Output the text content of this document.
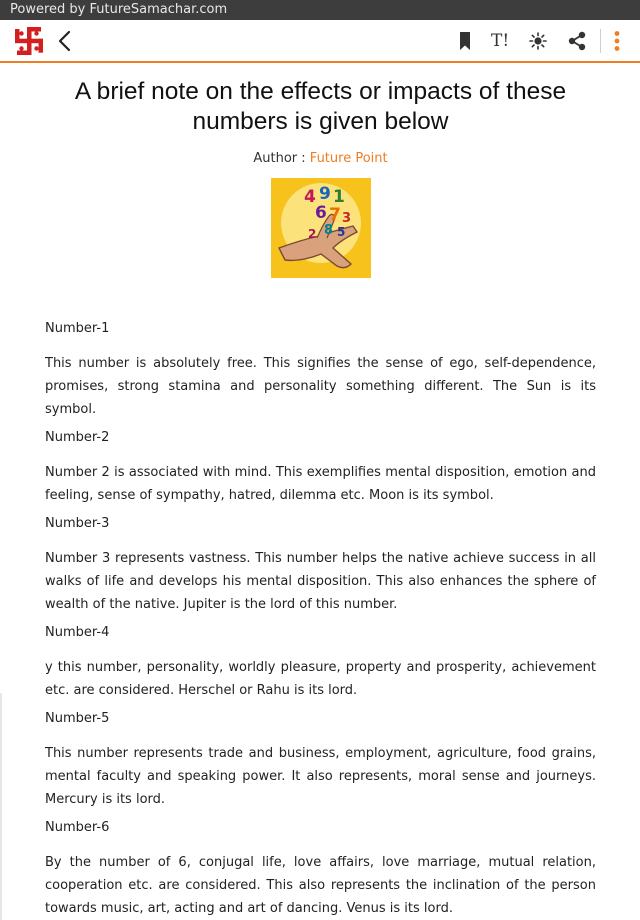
Powered by FutureSamachar.com
T!
A brief note on the effects or impacts of these numbers is given below
Author : Future Point
4 9 1
6 7 3
8
2 5
Number-1

This number is absolutely free. This signifies the sense of ego, self-dependence, promises, strong stamina and personality something different. The Sun is its symbol.

Number-2

Number 2 is associated with mind. This exemplifies mental disposition, emotion and feeling, sense of sympathy, hatred, dilemma etc. Moon is its symbol.

Number-3

Number 3 represents vastness. This number helps the native achieve success in all walks of life and develops his mental disposition. This also enhances the sphere of wealth of the native. Jupiter is the lord of this number.

Number-4

y this number, personality, worldly pleasure, property and prosperity, achievement etc. are considered. Herschel or Rahu is its lord.

Number-5

This number represents trade and business, employment, agriculture, food grains, mental faculty and speaking power. It also represents, moral sense and journeys. Mercury is its lord.

Number-6

By the number of 6, conjugal life, love affairs, love marriage, mutual relation, cooperation etc. are considered. This also represents the inclination of the person towards music, art, acting and art of dancing. Venus is its lord.
